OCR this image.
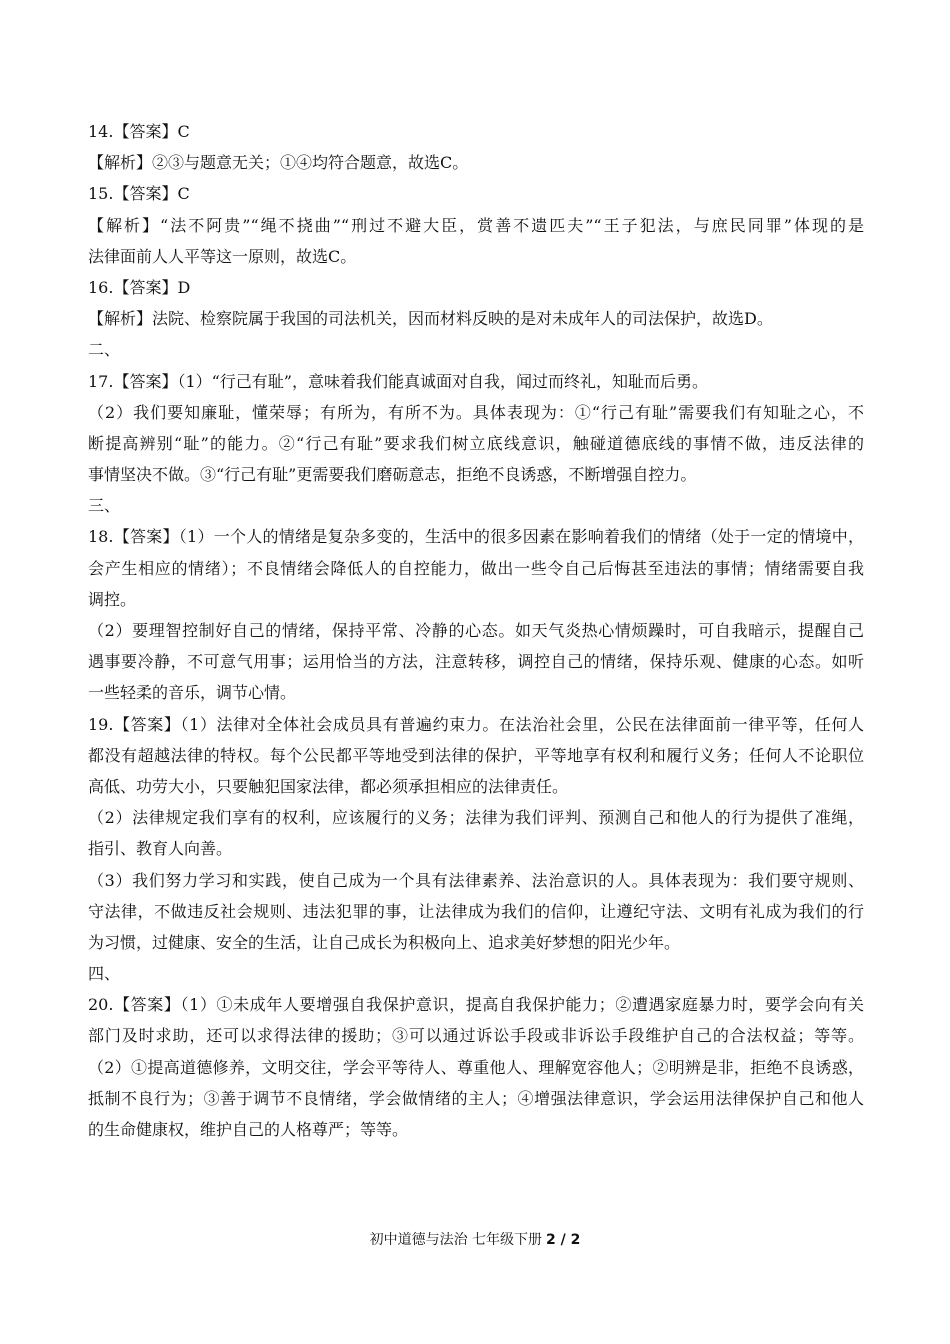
14.【答案】C
【解析】②③与题意无关；①④均符合题意，故选C。
15.【答案】C
【解析】“法不阿贵”“绳不挠曲”“刑过不避大臣，赏善不遗匹夫”“王子犯法，与庶民同罪”体现的是
法律面前人人平等这一原则，故选C。
16.【答案】D
【解析】法院、检察院属于我国的司法机关，因而材料反映的是对未成年人的司法保护，故选D。
二、
17.【答案】（1）“行己有耻”，意味着我们能真诚面对自我，闻过而终礼，知耻而后勇。
（2）我们要知廉耻，懂荣辱；有所为，有所不为。具体表现为：①“行己有耻”需要我们有知耻之心，不
断提高辨别“耻”的能力。②“行己有耻”要求我们树立底线意识，触碰道德底线的事情不做，违反法律的
事情坚决不做。③“行己有耻”更需要我们磨砺意志，拒绝不良诱惑，不断增强自控力。
三、
18.【答案】（1）一个人的情绪是复杂多变的，生活中的很多因素在影响着我们的情绪（处于一定的情境中，
会产生相应的情绪）；不良情绪会降低人的自控能力，做出一些令自己后悔甚至违法的事情；情绪需要自我
调控。
（2）要理智控制好自己的情绪，保持平常、冷静的心态。如天气炎热心情烦躁时，可自我暗示，提醒自己
遇事要冷静，不可意气用事；运用恰当的方法，注意转移，调控自己的情绪，保持乐观、健康的心态。如听
一些轻柔的音乐，调节心情。
19.【答案】（1）法律对全体社会成员具有普遍约束力。在法治社会里，公民在法律面前一律平等，任何人
都没有超越法律的特权。每个公民都平等地受到法律的保护，平等地享有权利和履行义务；任何人不论职位
高低、功劳大小，只要触犯国家法律，都必须承担相应的法律责任。
（2）法律规定我们享有的权利，应该履行的义务；法律为我们评判、预测自己和他人的行为提供了准绳，
指引、教育人向善。
（3）我们努力学习和实践，使自己成为一个具有法律素养、法治意识的人。具体表现为：我们要守规则、
守法律，不做违反社会规则、违法犯罪的事，让法律成为我们的信仰，让遵纪守法、文明有礼成为我们的行
为习惯，过健康、安全的生活，让自己成长为积极向上、追求美好梦想的阳光少年。
四、
20.【答案】（1）①未成年人要增强自我保护意识，提高自我保护能力；②遭遇家庭暴力时，要学会向有关
部门及时求助，还可以求得法律的援助；③可以通过诉讼手段或非诉讼手段维护自己的合法权益；等等。
（2）①提高道德修养，文明交往，学会平等待人、尊重他人、理解宽容他人；②明辨是非，拒绝不良诱惑，
抵制不良行为；③善于调节不良情绪，学会做情绪的主人；④增强法律意识，学会运用法律保护自己和他人
的生命健康权，维护自己的人格尊严；等等。
初中道德与法治 七年级下册 2 / 2
